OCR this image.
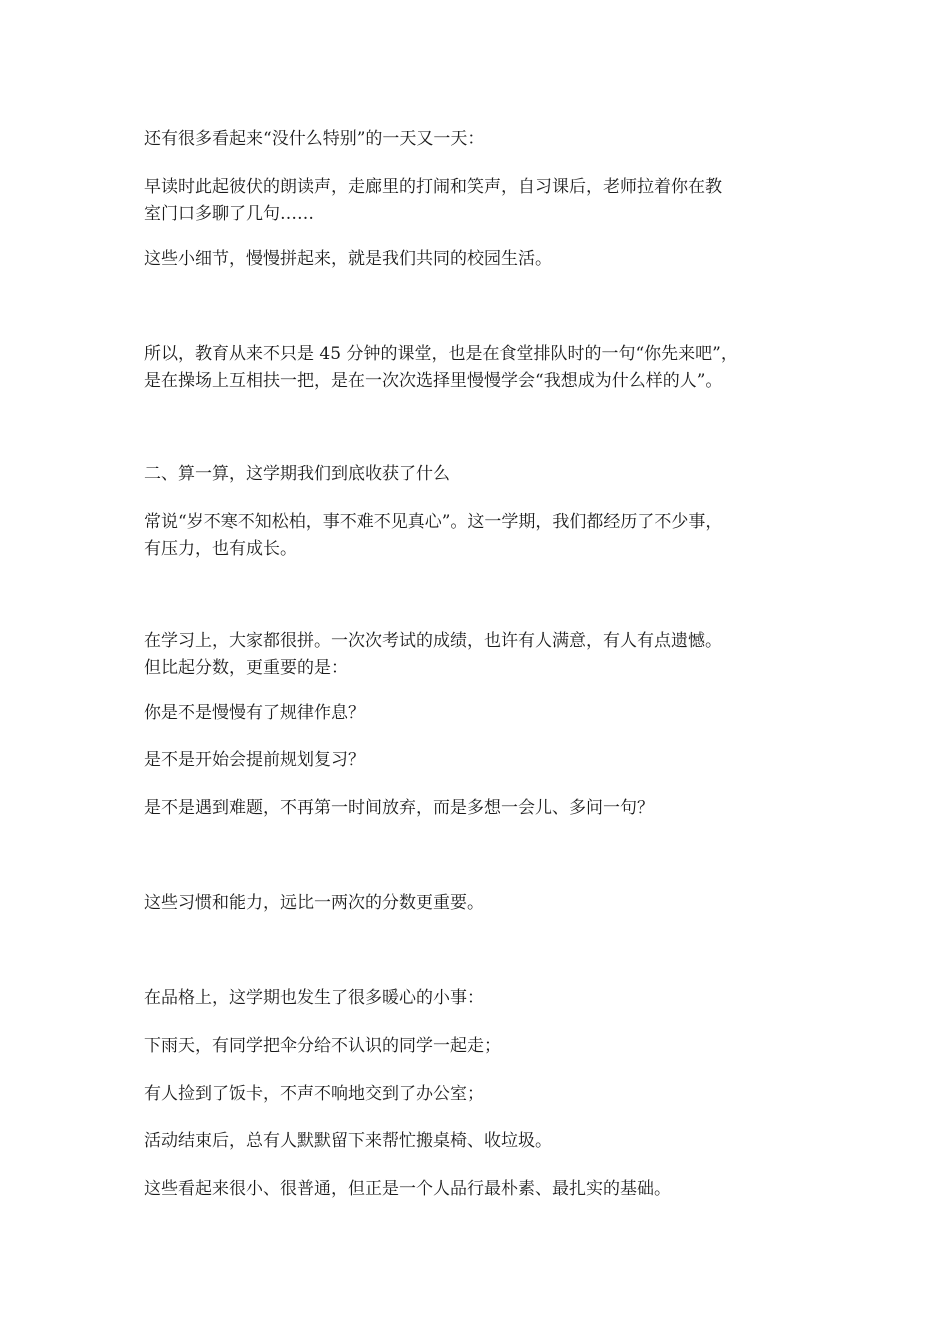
还有很多看起来“没什么特别”的一天又一天：

早读时此起彼伏的朗读声，走廊里的打闹和笑声，自习课后，老师拉着你在教
室门口多聊了几句……

这些小细节，慢慢拼起来，就是我们共同的校园生活。

所以，教育从来不只是 45 分钟的课堂，也是在食堂排队时的一句“你先来吧”，
是在操场上互相扶一把，是在一次次选择里慢慢学会“我想成为什么样的人”。

二、算一算，这学期我们到底收获了什么

常说“岁不寒不知松柏，事不难不见真心”。这一学期，我们都经历了不少事，
有压力，也有成长。

在学习上，大家都很拼。一次次考试的成绩，也许有人满意，有人有点遗憾。
但比起分数，更重要的是：

你是不是慢慢有了规律作息？

是不是开始会提前规划复习？

是不是遇到难题，不再第一时间放弃，而是多想一会儿、多问一句？

这些习惯和能力，远比一两次的分数更重要。

在品格上，这学期也发生了很多暖心的小事：

下雨天，有同学把伞分给不认识的同学一起走；

有人捡到了饭卡，不声不响地交到了办公室；

活动结束后，总有人默默留下来帮忙搬桌椅、收垃圾。

这些看起来很小、很普通，但正是一个人品行最朴素、最扎实的基础。
